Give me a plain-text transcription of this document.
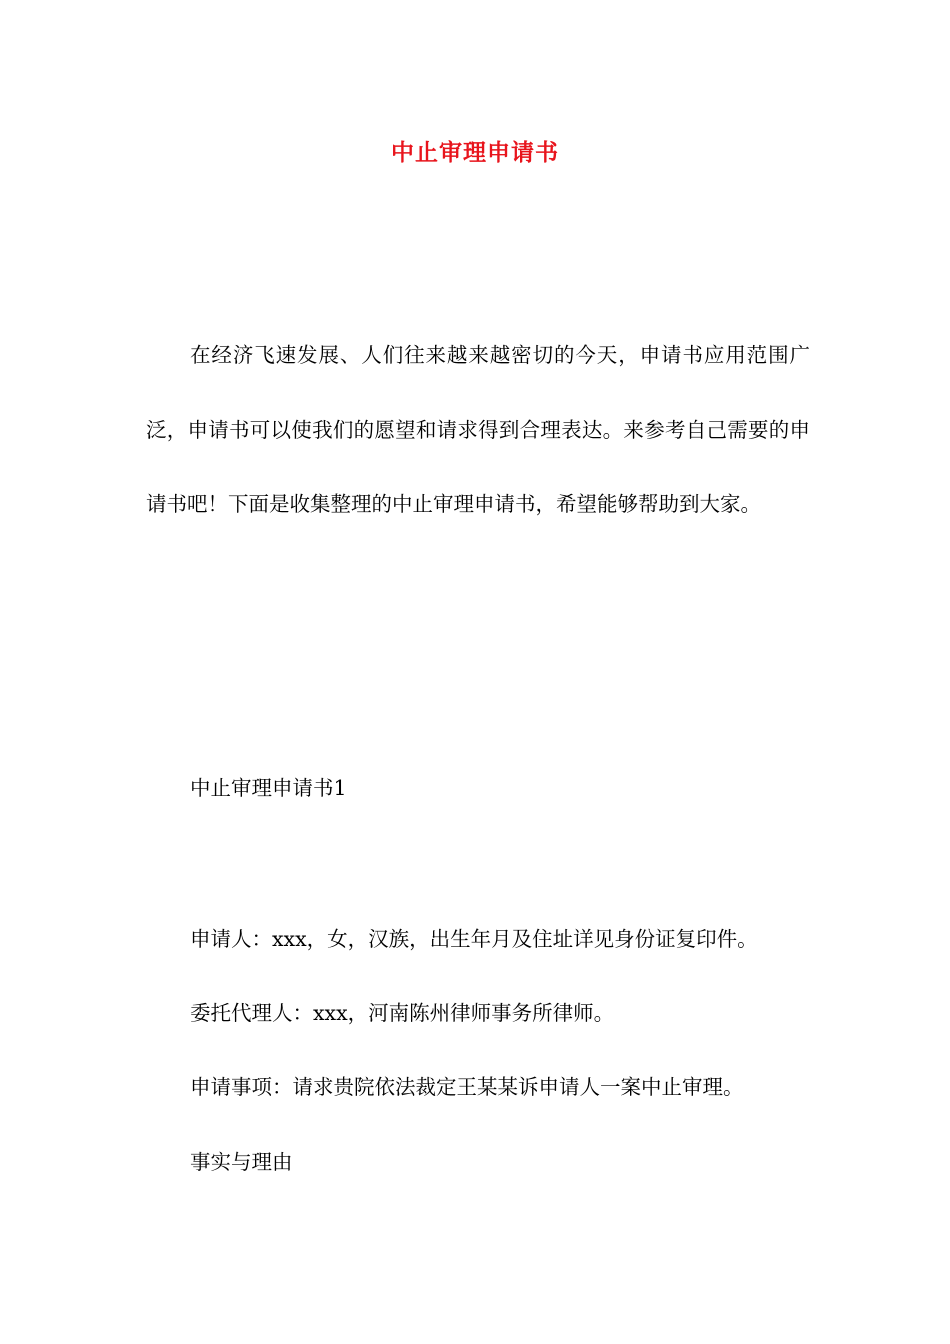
中止审理申请书
在经济飞速发展、人们往来越来越密切的今天，申请书应用范围广泛，申请书可以使我们的愿望和请求得到合理表达。来参考自己需要的申请书吧！下面是收集整理的中止审理申请书，希望能够帮助到大家。
中止审理申请书1
申请人：xxx，女，汉族，出生年月及住址详见身份证复印件。
委托代理人：xxx，河南陈州律师事务所律师。
申请事项：请求贵院依法裁定王某某诉申请人一案中止审理。
事实与理由
